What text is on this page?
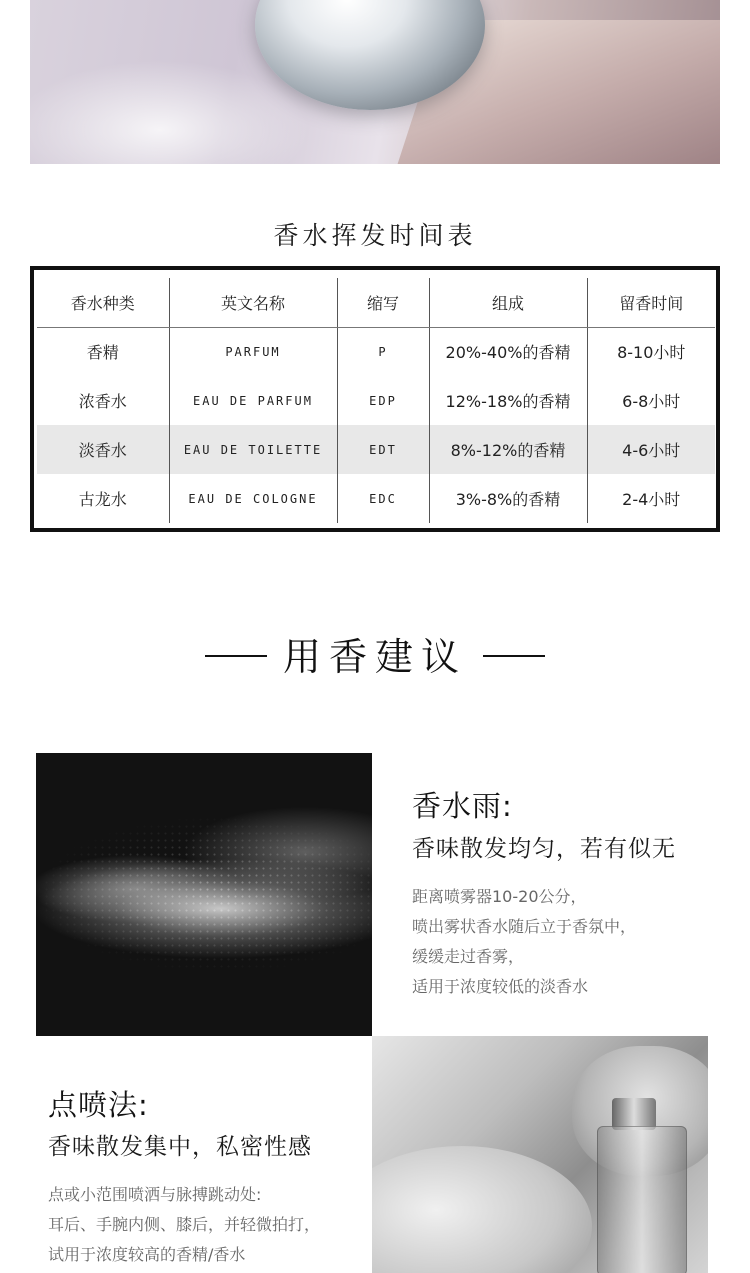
香水挥发时间表
香水种类	英文名称	缩写	组成	留香时间
香精	PARFUM	P	20%-40%的香精	8-10小时
浓香水	EAU DE PARFUM	EDP	12%-18%的香精	6-8小时
淡香水	EAU DE TOILETTE	EDT	8%-12%的香精	4-6小时
古龙水	EAU DE COLOGNE	EDC	3%-8%的香精	2-4小时
用香建议
香水雨:
香味散发均匀，若有似无
距离喷雾器10-20公分，
喷出雾状香水随后立于香氛中，
缓缓走过香雾，
适用于浓度较低的淡香水
点喷法:
香味散发集中，私密性感
点或小范围喷洒与脉搏跳动处:
耳后、手腕内侧、膝后，并轻微拍打，
试用于浓度较高的香精/香水
